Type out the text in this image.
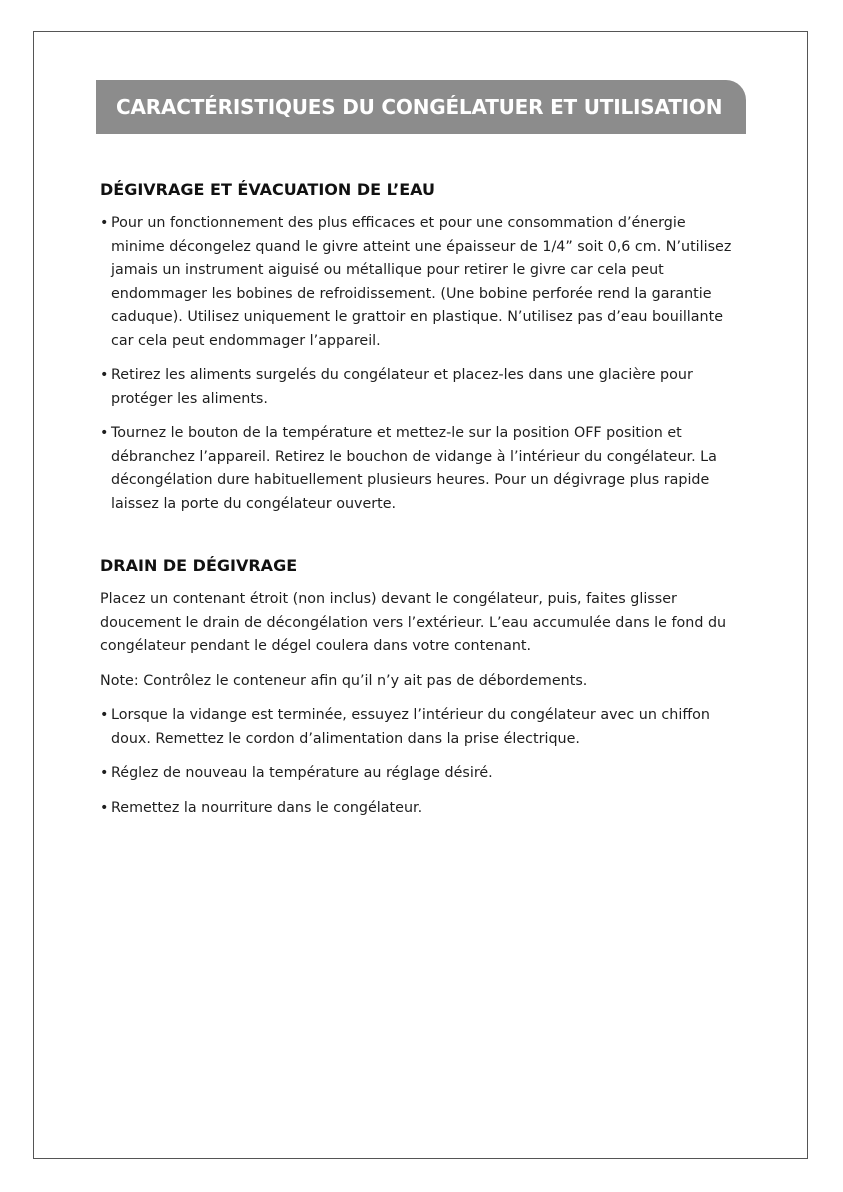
CARACTÉRISTIQUES DU CONGÉLATUER ET UTILISATION
DÉGIVRAGE ET ÉVACUATION DE L’EAU
• Pour un fonctionnement des plus efficaces et pour une consommation d’énergie minime décongelez quand le givre atteint une épaisseur de 1/4” soit 0,6 cm. N’utilisez jamais un instrument aiguisé ou métallique pour retirer le givre car cela peut endommager les bobines de refroidissement. (Une bobine perforée rend la garantie caduque). Utilisez uniquement le grattoir en plastique. N’utilisez pas d’eau bouillante car cela peut endommager l’appareil.
• Retirez les aliments surgelés du congélateur et placez-les dans une glacière pour protéger les aliments.
• Tournez le bouton de la température et mettez-le sur la position OFF position et débranchez l’appareil. Retirez le bouchon de vidange à l’intérieur du congélateur. La décongélation dure habituellement plusieurs heures. Pour un dégivrage plus rapide laissez la porte du congélateur ouverte.
DRAIN DE DÉGIVRAGE
Placez un contenant étroit (non inclus) devant le congélateur, puis, faites glisser doucement le drain de décongélation vers l’extérieur. L’eau accumulée dans le fond du congélateur pendant le dégel coulera dans votre contenant.
Note: Contrôlez le conteneur afin qu’il n’y ait pas de débordements.
• Lorsque la vidange est terminée, essuyez l’intérieur du congélateur avec un chiffon doux. Remettez le cordon d’alimentation dans la prise électrique.
• Réglez de nouveau la température au réglage désiré.
• Remettez la nourriture dans le congélateur.
